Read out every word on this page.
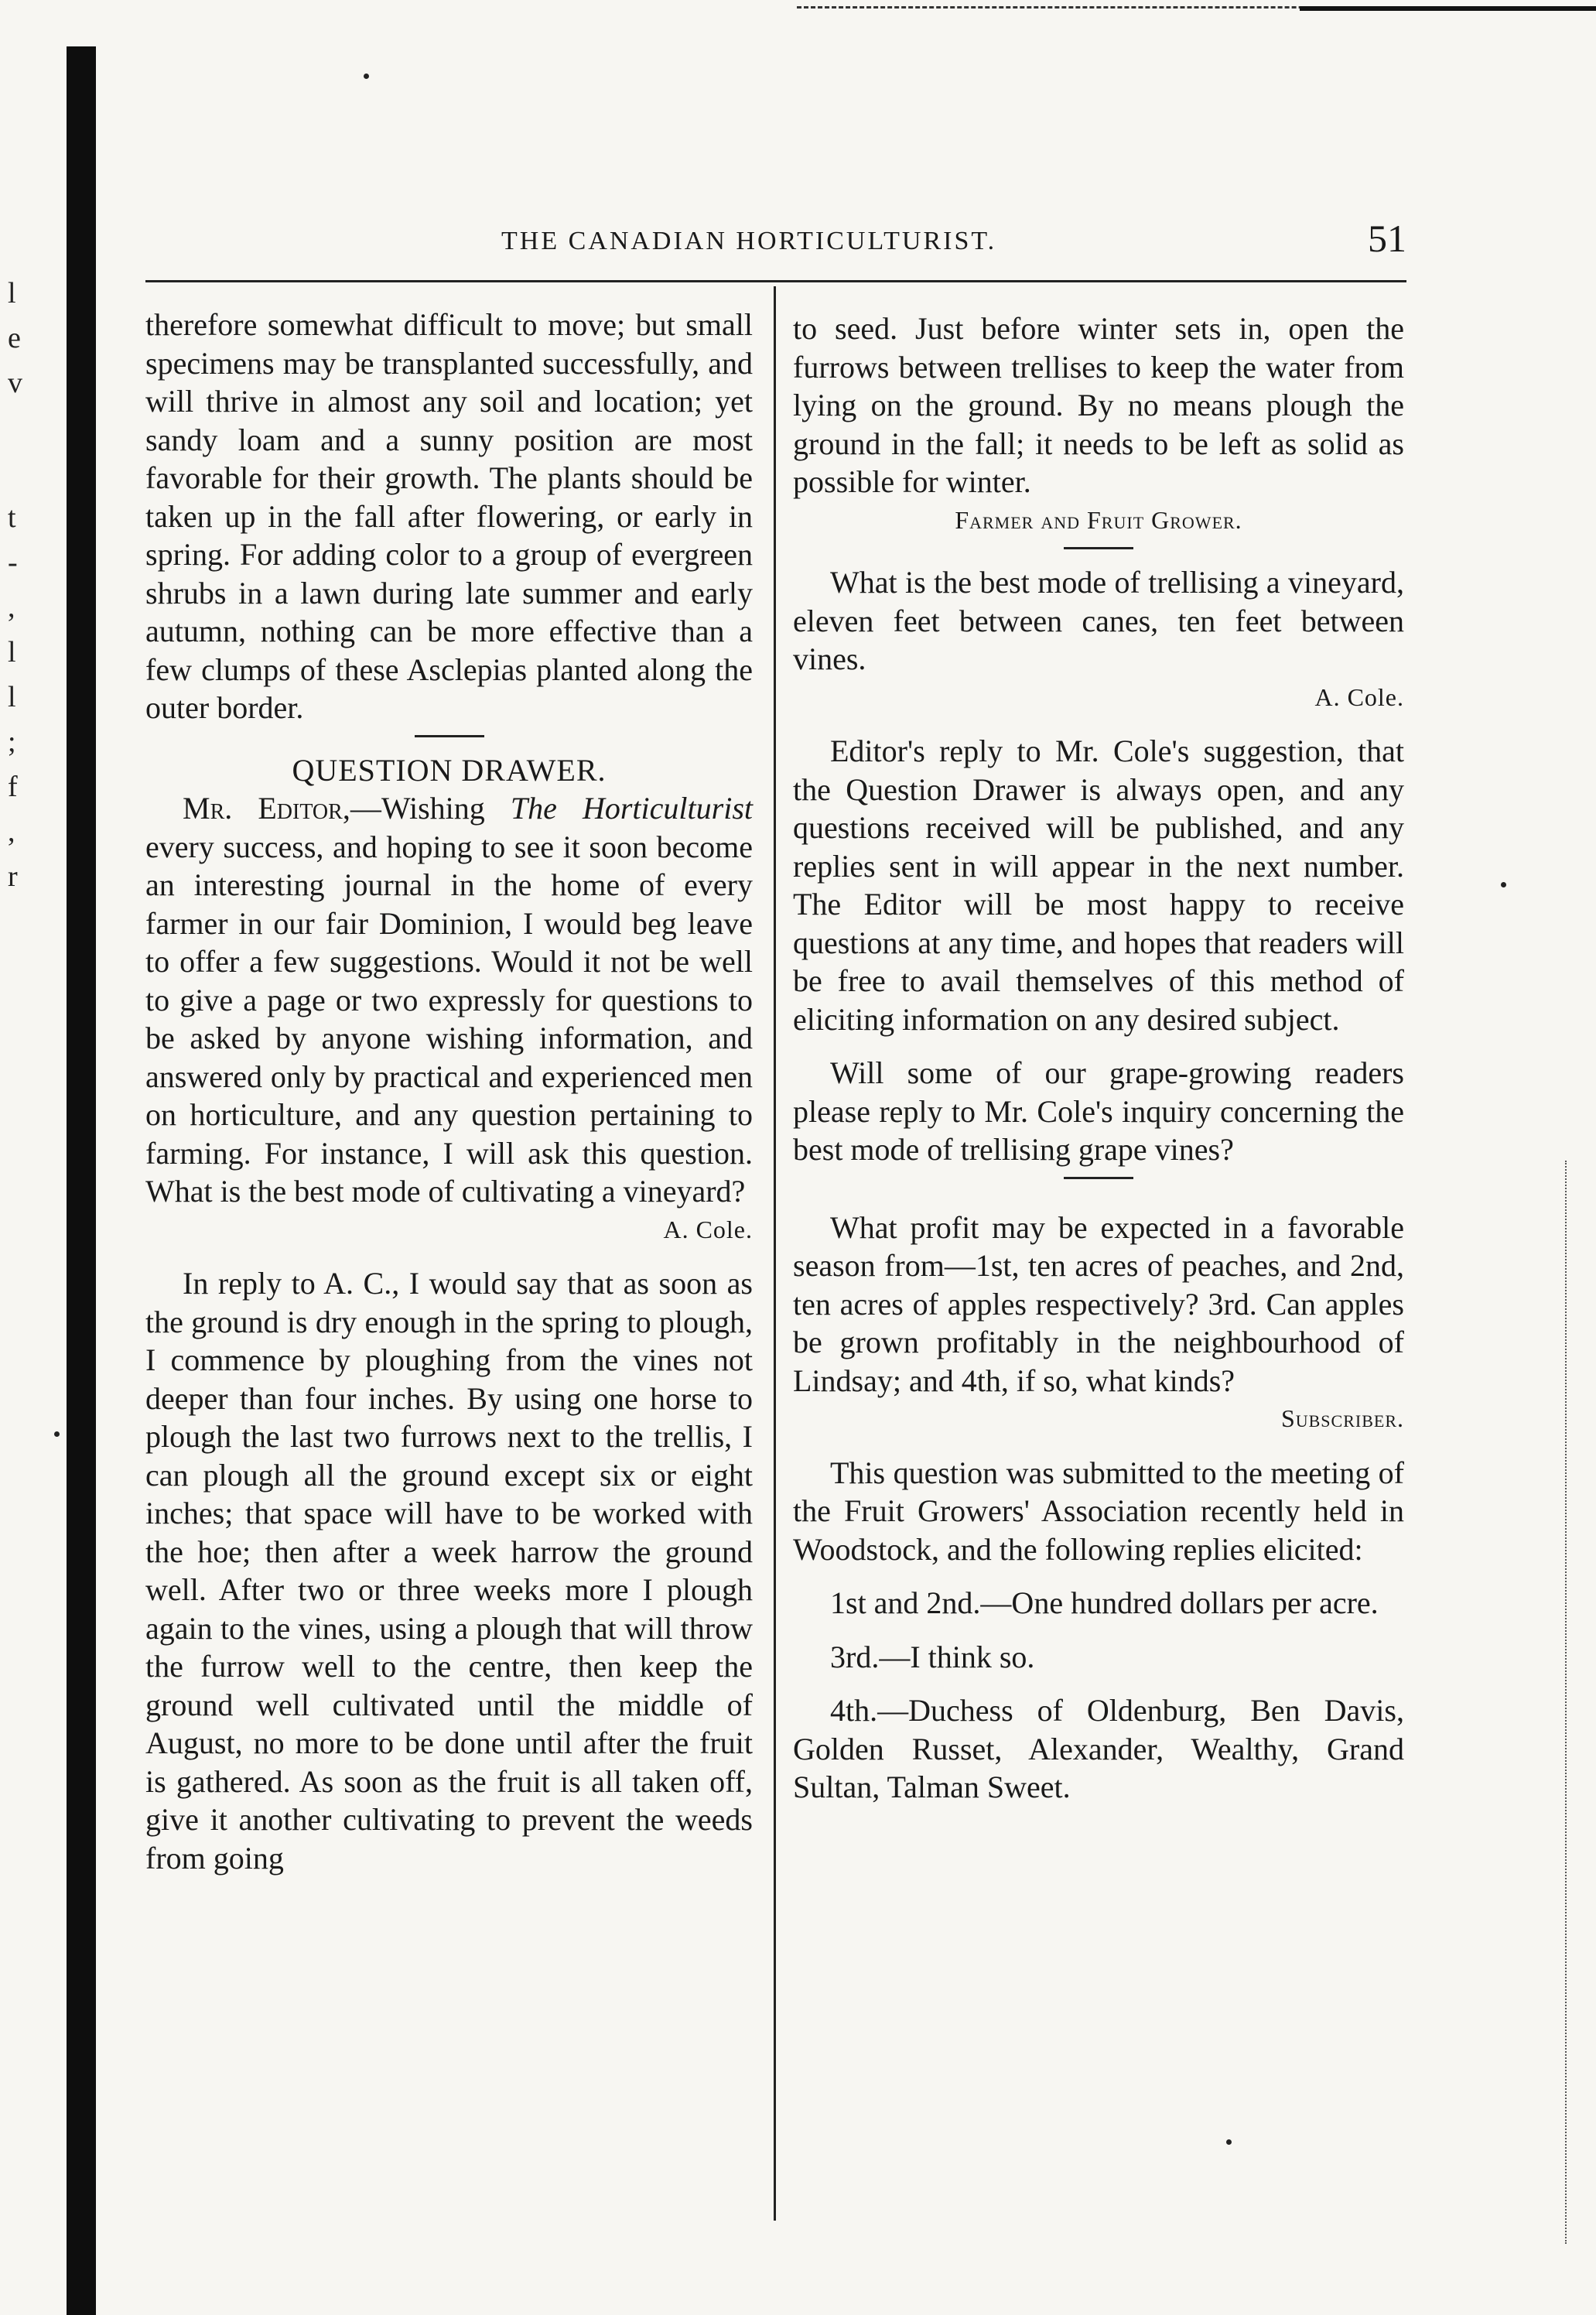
l
e
v

t
-
,
l
l
;
f
,
r
THE CANADIAN HORTICULTURIST.	51

therefore somewhat difficult to move; but small specimens may be transplanted successfully, and will thrive in almost any soil and location; yet sandy loam and a sunny position are most favorable for their growth. The plants should be taken up in the fall after flowering, or early in spring. For adding color to a group of evergreen shrubs in a lawn during late summer and early autumn, nothing can be more effective than a few clumps of these Asclepias planted along the outer border.

QUESTION DRAWER.

Mr. Editor,—Wishing The Horticulturist every success, and hoping to see it soon become an interesting journal in the home of every farmer in our fair Dominion, I would beg leave to offer a few suggestions. Would it not be well to give a page or two expressly for questions to be asked by anyone wishing information, and answered only by practical and experienced men on horticulture, and any question pertaining to farming. For instance, I will ask this question. What is the best mode of cultivating a vineyard?

A. Cole.

In reply to A. C., I would say that as soon as the ground is dry enough in the spring to plough, I commence by ploughing from the vines not deeper than four inches. By using one horse to plough the last two furrows next to the trellis, I can plough all the ground except six or eight inches; that space will have to be worked with the hoe; then after a week harrow the ground well. After two or three weeks more I plough again to the vines, using a plough that will throw the furrow well to the centre, then keep the ground well cultivated until the middle of August, no more to be done until after the fruit is gathered. As soon as the fruit is all taken off, give it another cultivating to prevent the weeds from going

to seed. Just before winter sets in, open the furrows between trellises to keep the water from lying on the ground. By no means plough the ground in the fall; it needs to be left as solid as possible for winter.

Farmer and Fruit Grower.

What is the best mode of trellising a vineyard, eleven feet between canes, ten feet between vines.

A. Cole.

Editor's reply to Mr. Cole's suggestion, that the Question Drawer is always open, and any questions received will be published, and any replies sent in will appear in the next number. The Editor will be most happy to receive questions at any time, and hopes that readers will be free to avail themselves of this method of eliciting information on any desired subject.

Will some of our grape-growing readers please reply to Mr. Cole's inquiry concerning the best mode of trellising grape vines?

What profit may be expected in a favorable season from—1st, ten acres of peaches, and 2nd, ten acres of apples respectively? 3rd. Can apples be grown profitably in the neighbourhood of Lindsay; and 4th, if so, what kinds?

Subscriber.

This question was submitted to the meeting of the Fruit Growers' Association recently held in Woodstock, and the following replies elicited:

1st and 2nd.—One hundred dollars per acre.

3rd.—I think so.

4th.—Duchess of Oldenburg, Ben Davis, Golden Russet, Alexander, Wealthy, Grand Sultan, Talman Sweet.
